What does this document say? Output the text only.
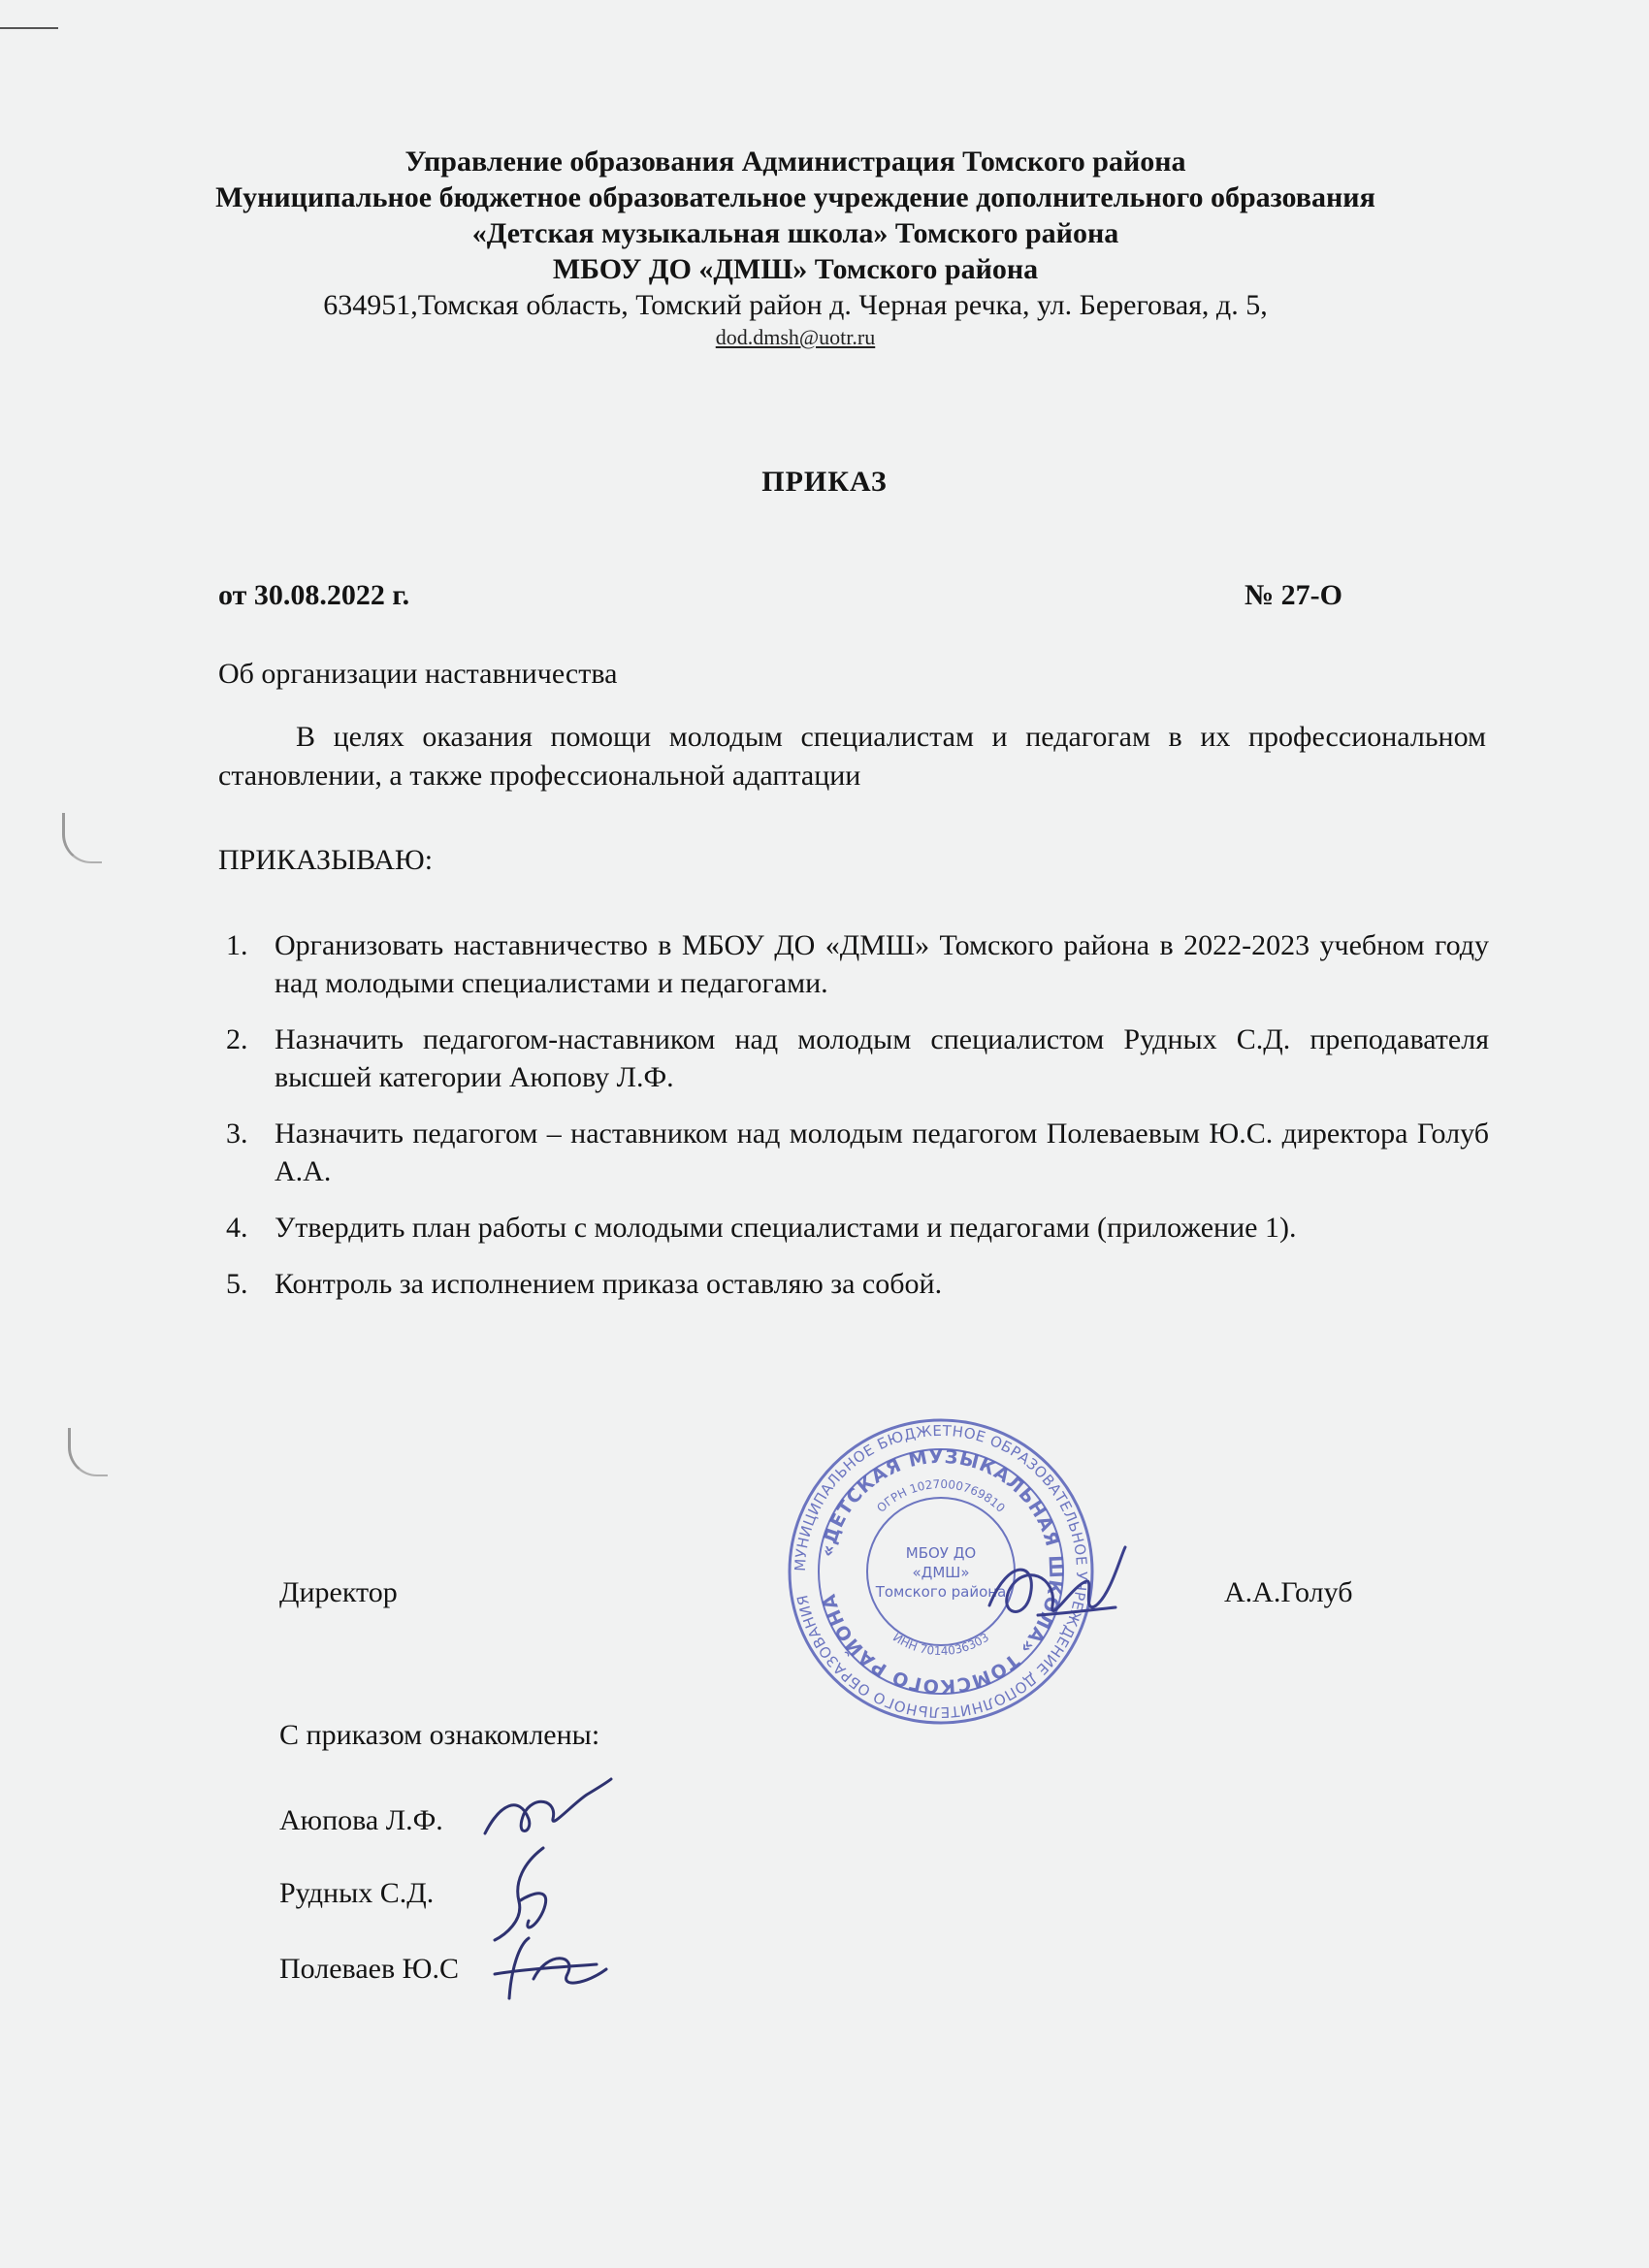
Управление образования Администрация Томского района
Муниципальное бюджетное образовательное учреждение дополнительного образования
«Детская музыкальная школа» Томского района
МБОУ ДО «ДМШ» Томского района
634951,Томская область, Томский район д. Черная речка, ул. Береговая, д. 5,
dod.dmsh@uotr.ru
ПРИКАЗ
от 30.08.2022 г.	№ 27-О
Об организации наставничества
В целях оказания помощи молодым специалистам и педагогам в их профессиональном становлении, а также профессиональной адаптации
ПРИКАЗЫВАЮ:
1. Организовать наставничество в МБОУ ДО «ДМШ» Томского района в 2022-2023 учебном году над молодыми специалистами и педагогами.
2. Назначить педагогом-наставником над молодым специалистом Рудных С.Д. преподавателя высшей категории Аюпову Л.Ф.
3. Назначить педагогом – наставником над молодым педагогом Полеваевым Ю.С. директора Голуб А.А.
4. Утвердить план работы с молодыми специалистами и педагогами (приложение 1).
5. Контроль за исполнением приказа оставляю за собой.
Директор	А.А.Голуб
МУНИЦИПАЛЬНОЕ БЮДЖЕТНОЕ ОБРАЗОВАТЕЛЬНОЕ УЧРЕЖДЕНИЕ ДОПОЛНИТЕЛЬНОГО ОБРАЗОВАНИЯ
«ДЕТСКАЯ МУЗЫКАЛЬНАЯ ШКОЛА» ТОМСКОГО РАЙОНА
ОГРН 1027000769810
ИНН 7014036303
МБОУ ДО
«ДМШ»
Томского района
С приказом ознакомлены:
Аюпова Л.Ф.
Рудных С.Д.
Полеваев Ю.С
